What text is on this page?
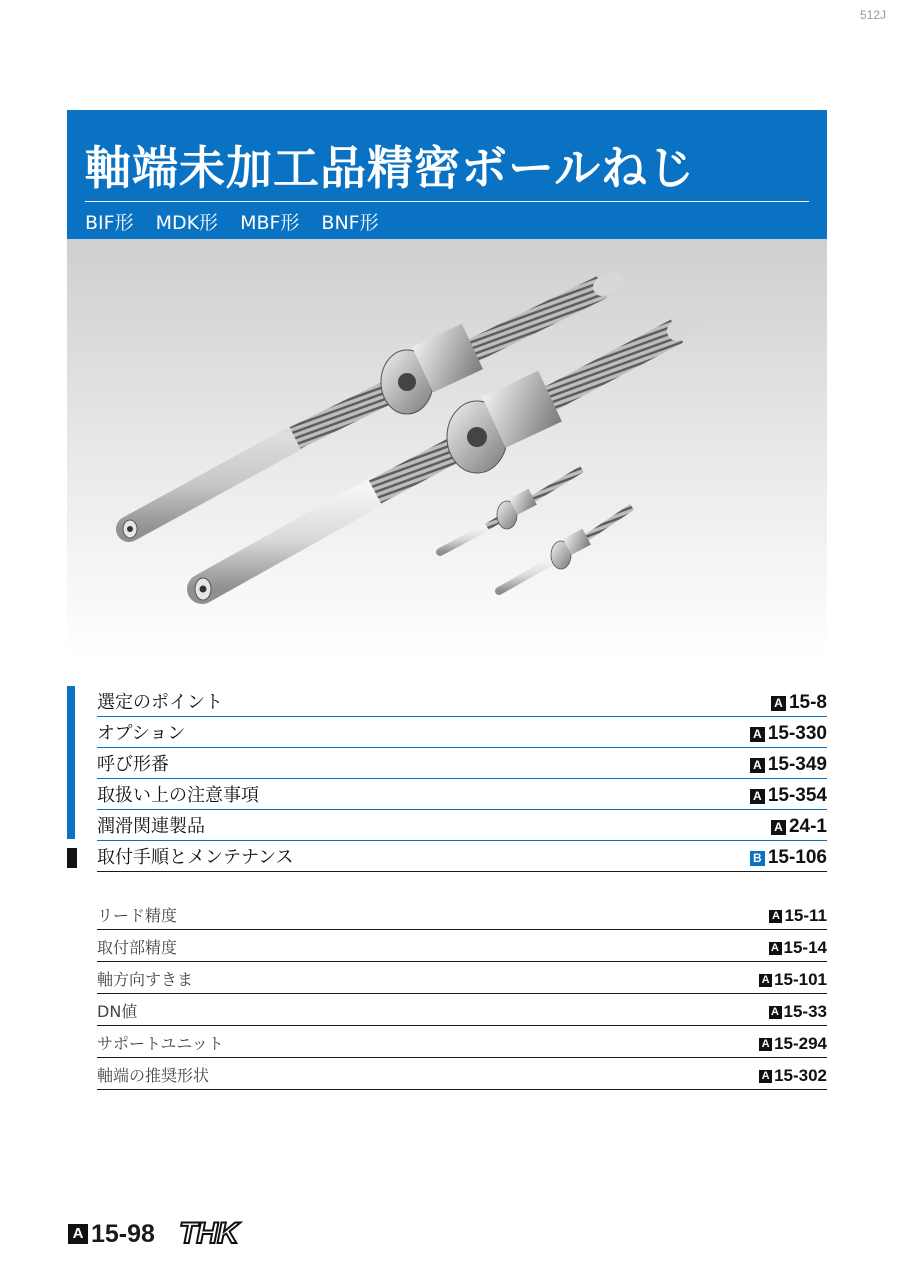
512J
軸端未加工品精密ボールねじ
BIF形 MDK形 MBF形 BNF形
選定のポイント	A 15-8
オプション	A 15-330
呼び形番	A 15-349
取扱い上の注意事項	A 15-354
潤滑関連製品	A 24-1
取付手順とメンテナンス	B 15-106
リード精度	A 15-11
取付部精度	A 15-14
軸方向すきま	A 15-101
DN値	A 15-33
サポートユニット	A 15-294
軸端の推奨形状	A 15-302
A 15-98 THK
